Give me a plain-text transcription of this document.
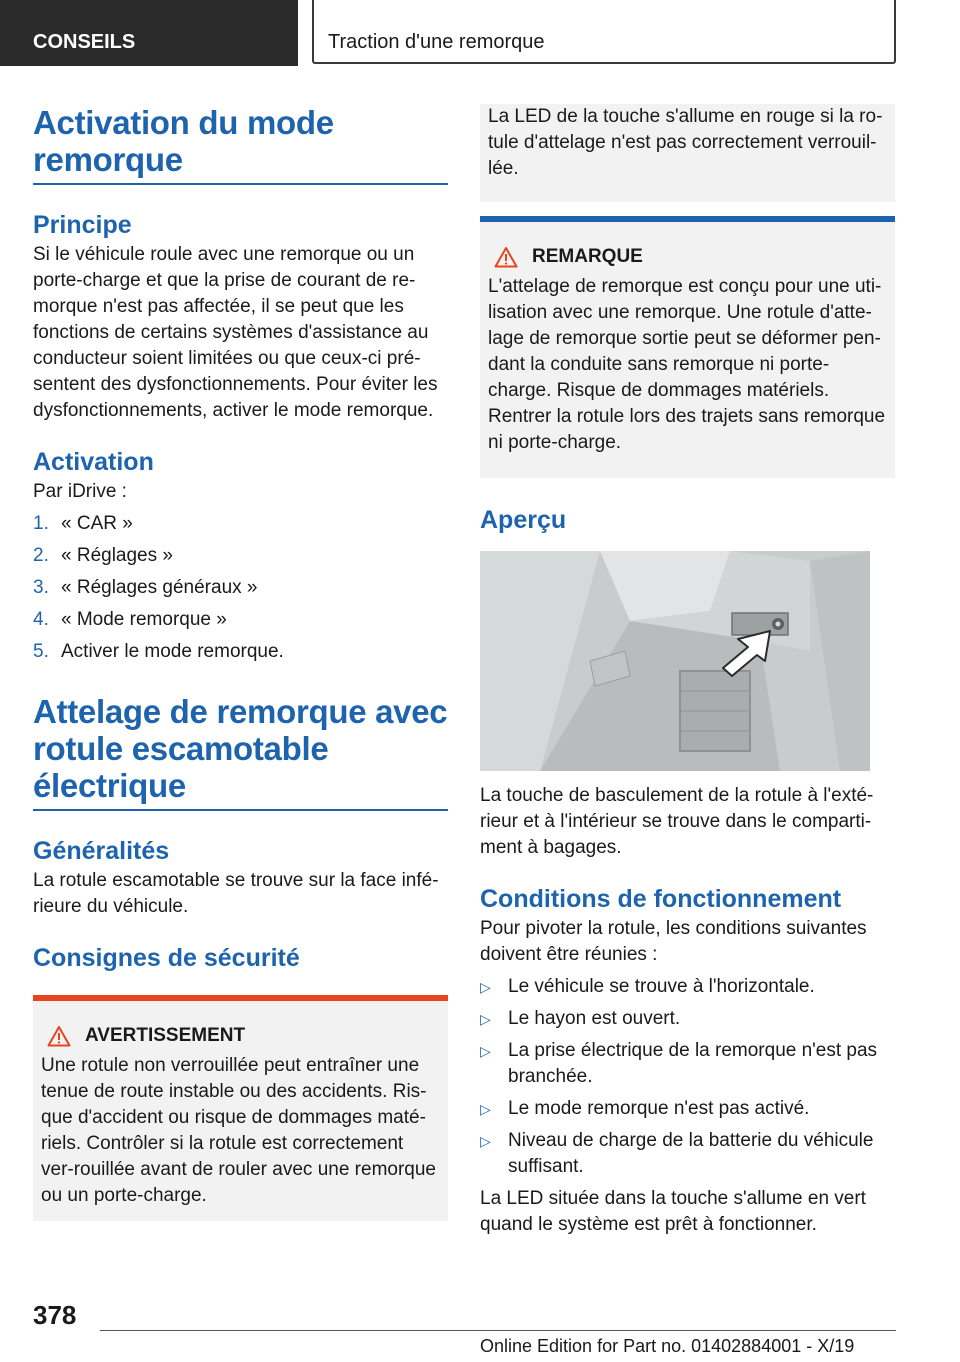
CONSEILS	Traction d'une remorque
Activation du mode remorque
Principe

Si le véhicule roule avec une remorque ou un porte-charge et que la prise de courant de re-morque n'est pas affectée, il se peut que les fonctions de certains systèmes d'assistance au conducteur soient limitées ou que ceux-ci pré-sentent des dysfonctionnements. Pour éviter les dysfonctionnements, activer le mode remorque.

Activation

Par iDrive :

1. « CAR »
2. « Réglages »
3. « Réglages généraux »
4. « Mode remorque »
5. Activer le mode remorque.
Attelage de remorque avec rotule escamotable électrique
Généralités

La rotule escamotable se trouve sur la face infé-rieure du véhicule.

Consignes de sécurité
AVERTISSEMENT

Une rotule non verrouillée peut entraîner une tenue de route instable ou des accidents. Ris-que d'accident ou risque de dommages maté-riels. Contrôler si la rotule est correctement ver-rouillée avant de rouler avec une remorque ou un porte-charge.

La LED de la touche s'allume en rouge si la ro-tule d'attelage n'est pas correctement verrouil-lée.

REMARQUE

L'attelage de remorque est conçu pour une uti-lisation avec une remorque. Une rotule d'atte-lage de remorque sortie peut se déformer pen-dant la conduite sans remorque ni porte-charge. Risque de dommages matériels. Rentrer la rotule lors des trajets sans remorque ni porte-charge.

Aperçu

La touche de basculement de la rotule à l'exté-rieur et à l'intérieur se trouve dans le comparti-ment à bagages.

Conditions de fonctionnement

Pour pivoter la rotule, les conditions suivantes doivent être réunies :

▷ Le véhicule se trouve à l'horizontale.
▷ Le hayon est ouvert.
▷ La prise électrique de la remorque n'est pas branchée.
▷ Le mode remorque n'est pas activé.
▷ Niveau de charge de la batterie du véhicule suffisant.

La LED située dans la touche s'allume en vert quand le système est prêt à fonctionner.

378
Online Edition for Part no. 01402884001 - X/19
